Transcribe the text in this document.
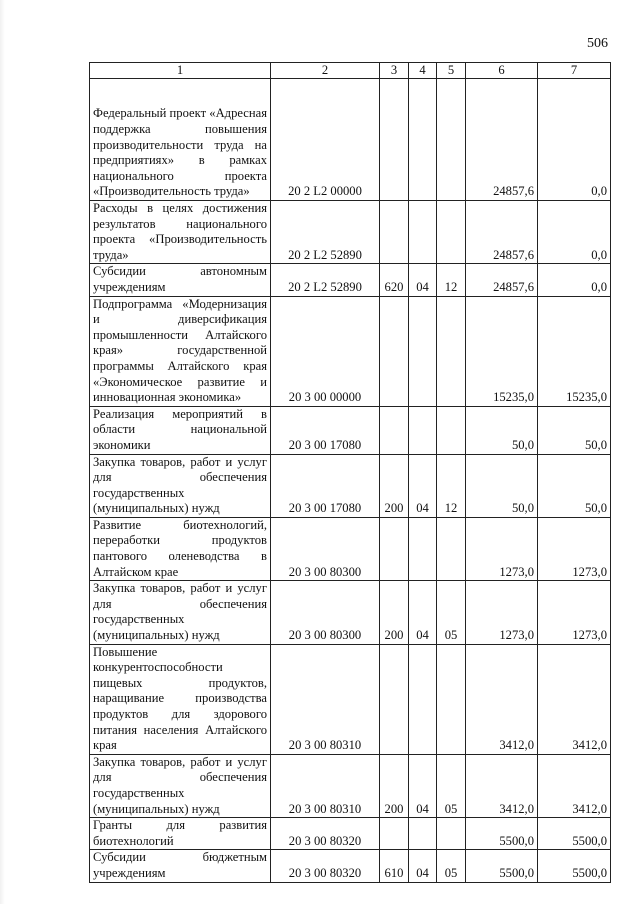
506
1	2	3	4	5	6	7
Федеральный проект «Адресная поддержка повышения производительности труда на предприятиях» в рамках национального проекта «Производительность труда»	20 2 L2 00000				24857,6	0,0
Расходы в целях достижения результатов национального проекта «Производительность труда»	20 2 L2 52890				24857,6	0,0
Субсидии автономным учреждениям	20 2 L2 52890	620	04	12	24857,6	0,0
Подпрограмма «Модернизация и диверсификация промышленности Алтайского края» государственной программы Алтайского края «Экономическое развитие и инновационная экономика»	20 3 00 00000				15235,0	15235,0
Реализация мероприятий в области национальной экономики	20 3 00 17080				50,0	50,0
Закупка товаров, работ и услуг для обеспечения государственных (муниципальных) нужд	20 3 00 17080	200	04	12	50,0	50,0
Развитие биотехнологий, переработки продуктов пантового оленеводства в Алтайском крае	20 3 00 80300				1273,0	1273,0
Закупка товаров, работ и услуг для обеспечения государственных (муниципальных) нужд	20 3 00 80300	200	04	05	1273,0	1273,0
Повышение конкурентоспособности пищевых продуктов, наращивание производства продуктов для здорового питания населения Алтайского края	20 3 00 80310				3412,0	3412,0
Закупка товаров, работ и услуг для обеспечения государственных (муниципальных) нужд	20 3 00 80310	200	04	05	3412,0	3412,0
Гранты для развития биотехнологий	20 3 00 80320				5500,0	5500,0
Субсидии бюджетным учреждениям	20 3 00 80320	610	04	05	5500,0	5500,0
